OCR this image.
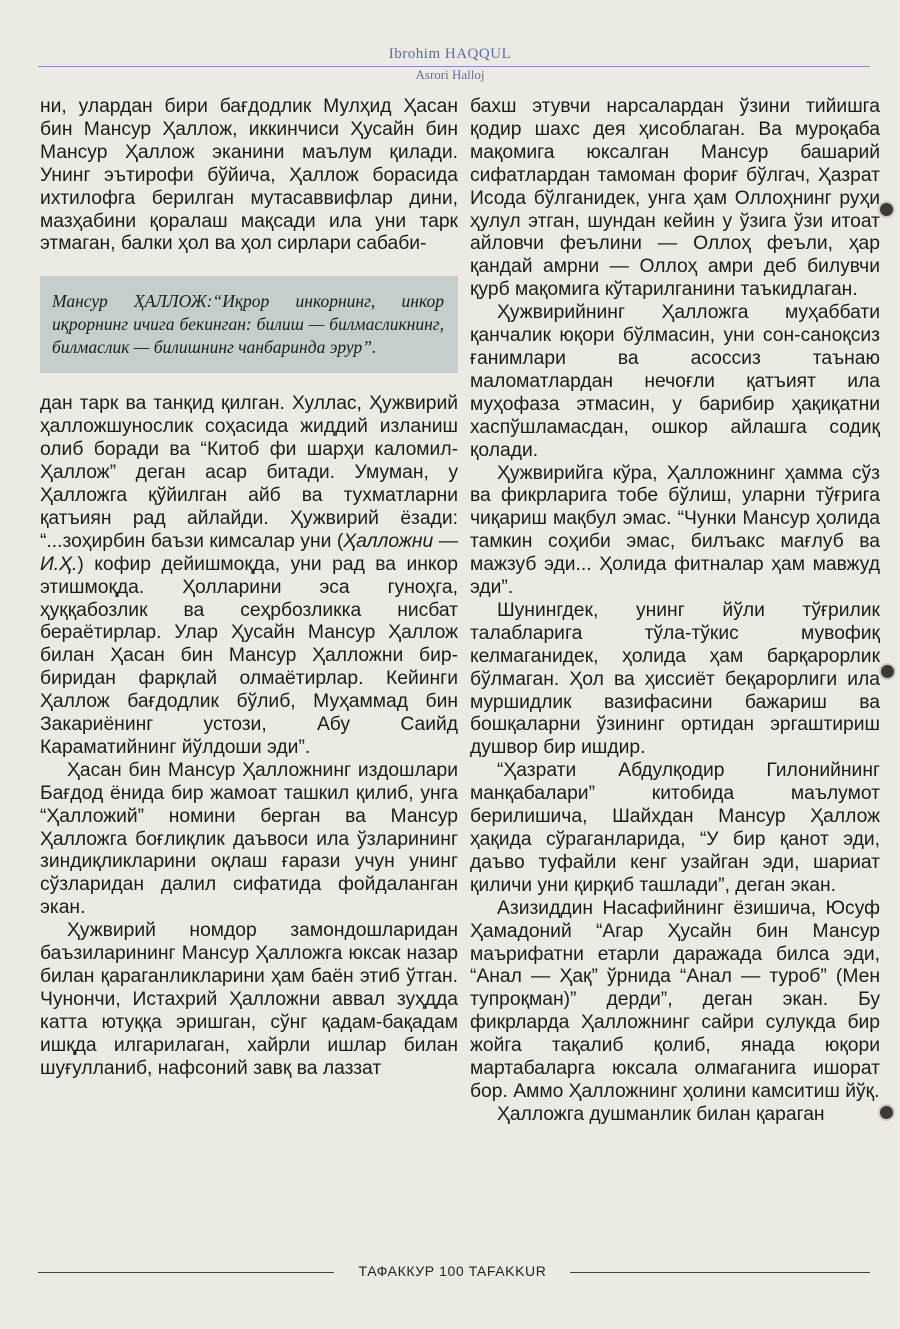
Ibrohim HAQQUL
Asrori Halloj

ни, улардан бири бағдодлик Мулҳид Ҳасан бин Мансур Ҳаллож, иккинчиси Ҳусайн бин Мансур Ҳаллож эканини маълум қилади. Унинг эътирофи бўйича, Ҳаллож борасида ихтилофга берилган мутасаввифлар дини, мазҳабини қоралаш мақсади ила уни тарк этмаган, балки ҳол ва ҳол сирлари сабаби-

Мансур ҲАЛЛОЖ:“Иқрор инкорнинг, инкор иқрорнинг ичига бекинган: билиш — билмасликнинг, билмаслик — билишнинг чанбаринда эрур”.

дан тарк ва танқид қилган. Хуллас, Ҳужвирий ҳалложшунослик соҳасида жиддий изланиш олиб боради ва “Китоб фи шарҳи каломил-Ҳаллож” деган асар битади. Умуман, у Ҳалложга қўйилган айб ва тухматларни қатъиян рад айлайди. Ҳужвирий ёзади: “...зоҳирбин баъзи кимсалар уни (Ҳалложни — И.Ҳ.) кофир дейишмоқда, уни рад ва инкор этишмоқда. Ҳолларини эса гуноҳга, ҳуққабозлик ва сеҳрбозликка нисбат бераётирлар. Улар Ҳусайн Мансур Ҳаллож билан Ҳасан бин Мансур Ҳалложни бир-биридан фарқлай олмаётирлар. Кейинги Ҳаллож бағдодлик бўлиб, Муҳаммад бин Закариёнинг устози, Абу Саийд Караматийнинг йўлдоши эди”.

Ҳасан бин Мансур Ҳалложнинг издошлари Бағдод ёнида бир жамоат ташкил қилиб, унга “Ҳалложий” номини берган ва Мансур Ҳалложга боғлиқлик даъвоси ила ўзларининг зиндиқликларини оқлаш ғарази учун унинг сўзларидан далил сифатида фойдаланган экан.

Ҳужвирий номдор замондошларидан баъзиларининг Мансур Ҳалложга юксак назар билан қараганликларини ҳам баён этиб ўтган. Чунончи, Истахрий Ҳалложни аввал зуҳдда катта ютуққа эришган, сўнг қадам-бақадам ишқда илгарилаган, хайрли ишлар билан шуғулланиб, нафсоний завқ ва лаззат

бахш этувчи нарсалардан ўзини тийишга қодир шахс дея ҳисоблаган. Ва муроқаба мақомига юксалган Мансур башарий сифатлардан тамоман фориғ бўлгач, Ҳазрат Исода бўлганидек, унга ҳам Оллоҳнинг руҳи ҳулул этган, шундан кейин у ўзига ўзи итоат айловчи феълини — Оллоҳ феъли, ҳар қандай амрни — Оллоҳ амри деб билувчи қурб мақомига кўтарилганини таъкидлаган.

Ҳужвирийнинг Ҳалложга муҳаббати қанчалик юқори бўлмасин, уни сон-саноқсиз ғанимлари ва асоссиз таънаю маломатлардан нечоғли қатъият ила муҳофаза этмасин, у барибир ҳақиқатни хаспўшламасдан, ошкор айлашга содиқ қолади.

Ҳужвирийга кўра, Ҳалложнинг ҳамма сўз ва фикрларига тобе бўлиш, уларни тўғрига чиқариш мақбул эмас. “Чунки Мансур ҳолида тамкин соҳиби эмас, билъакс мағлуб ва мажзуб эди... Ҳолида фитналар ҳам мавжуд эди”.

Шунингдек, унинг йўли тўғрилик талабларига тўла-тўкис мувофиқ келмаганидек, ҳолида ҳам барқарорлик бўлмаган. Ҳол ва ҳиссиёт беқарорлиги ила муршидлик вазифасини бажариш ва бошқаларни ўзининг ортидан эргаштириш душвор бир ишдир.

“Ҳазрати Абдулқодир Гилонийнинг манқабалари” китобида маълумот берилишича, Шайхдан Мансур Ҳаллож ҳақида сўраганларида, “У бир қанот эди, даъво туфайли кенг узайган эди, шариат қиличи уни қирқиб ташлади”, деган экан.

Азизиддин Насафийнинг ёзишича, Юсуф Ҳамадоний “Агар Ҳусайн бин Мансур маърифатни етарли даражада билса эди, “Анал — Ҳақ” ўрнида “Анал — туроб” (Мен тупроқман)” дерди”, деган экан. Бу фикрларда Ҳалложнинг сайри сулукда бир жойга тақалиб қолиб, янада юқори мартабаларга юксала олмаганига ишорат бор. Аммо Ҳалложнинг ҳолини камситиш йўқ.

Ҳалложга душманлик билан қараган

ТАФАККУР 100 TAFAKKUR
